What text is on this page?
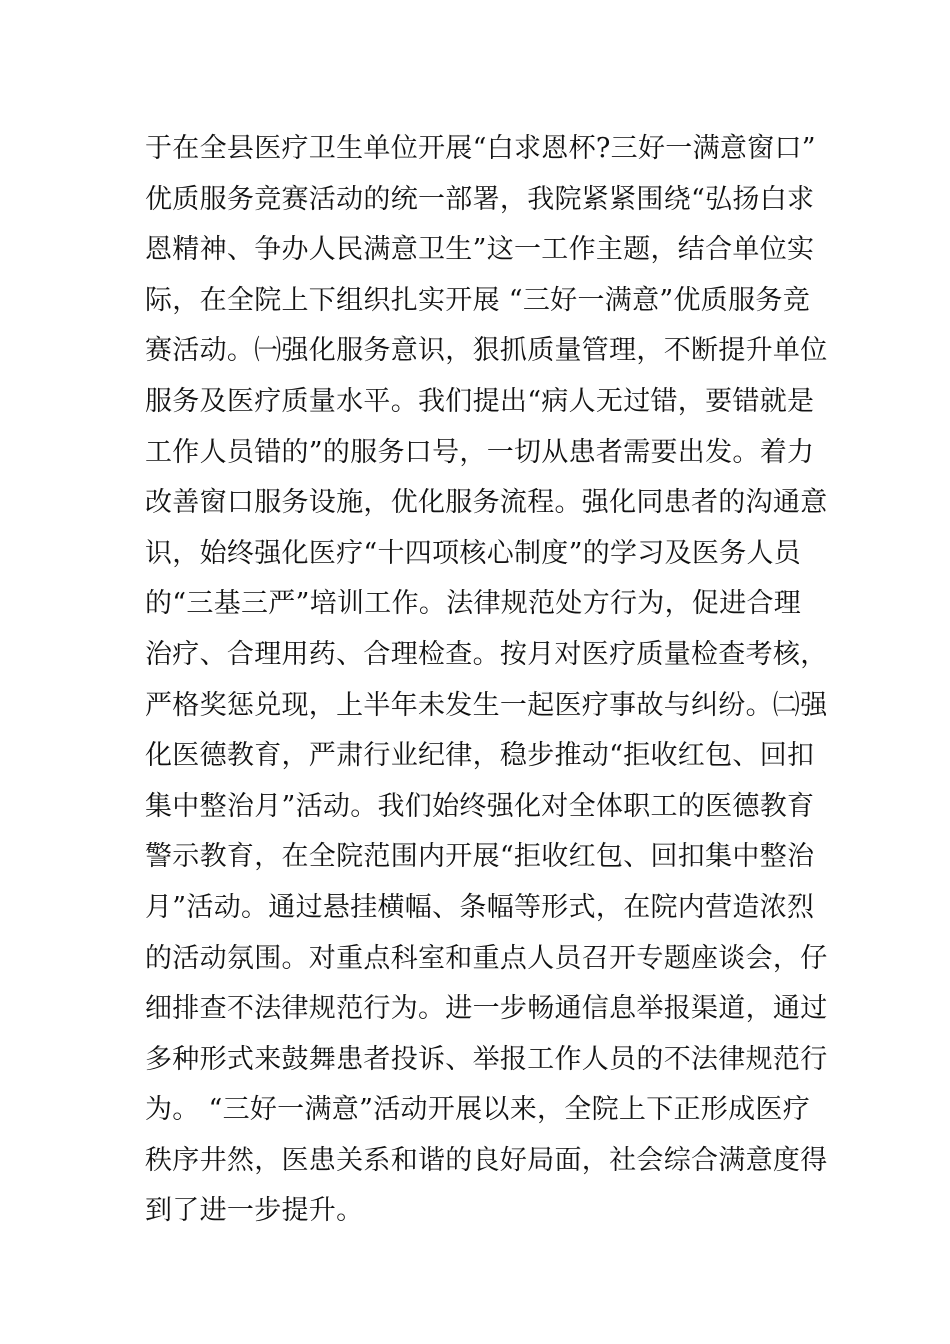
于在全县医疗卫生单位开展“白求恩杯?三好一满意窗口”
优质服务竞赛活动的统一部署，我院紧紧围绕“弘扬白求
恩精神、争办人民满意卫生”这一工作主题，结合单位实
际，在全院上下组织扎实开展 “三好一满意”优质服务竞
赛活动。㈠强化服务意识，狠抓质量管理，不断提升单位
服务及医疗质量水平。我们提出“病人无过错，要错就是
工作人员错的”的服务口号，一切从患者需要出发。着力
改善窗口服务设施，优化服务流程。强化同患者的沟通意
识，始终强化医疗“十四项核心制度”的学习及医务人员
的“三基三严”培训工作。法律规范处方行为，促进合理
治疗、合理用药、合理检查。按月对医疗质量检查考核，
严格奖惩兑现，上半年未发生一起医疗事故与纠纷。㈡强
化医德教育，严肃行业纪律，稳步推动“拒收红包、回扣
集中整治月”活动。我们始终强化对全体职工的医德教育
警示教育，在全院范围内开展“拒收红包、回扣集中整治
月”活动。通过悬挂横幅、条幅等形式，在院内营造浓烈
的活动氛围。对重点科室和重点人员召开专题座谈会，仔
细排查不法律规范行为。进一步畅通信息举报渠道，通过
多种形式来鼓舞患者投诉、举报工作人员的不法律规范行
为。 “三好一满意”活动开展以来，全院上下正形成医疗
秩序井然，医患关系和谐的良好局面，社会综合满意度得
到了进一步提升。
